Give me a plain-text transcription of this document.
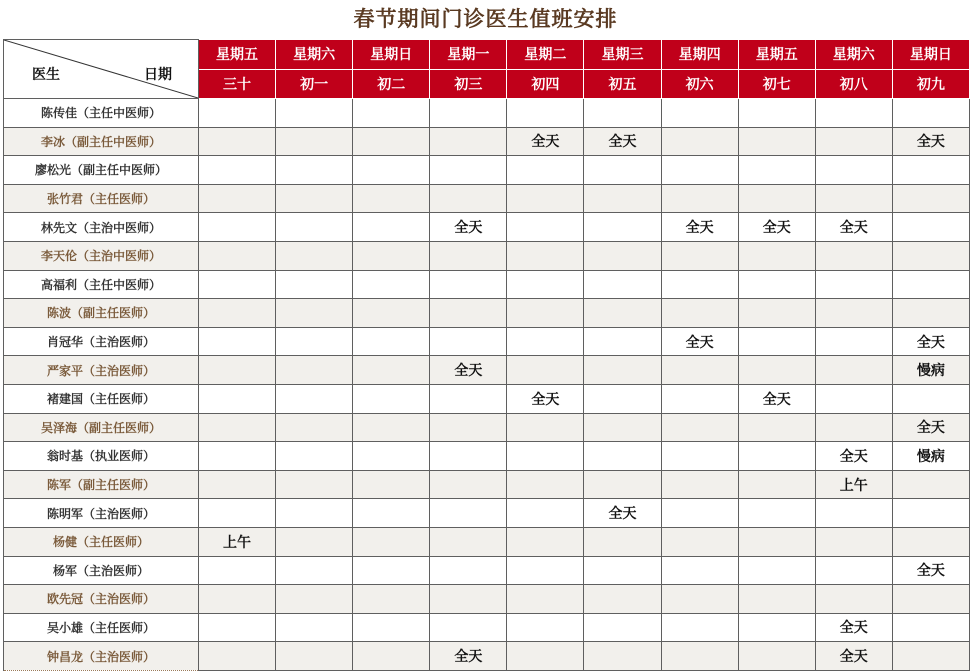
春节期间门诊医生值班安排
医生 日期	星期五	星期六	星期日	星期一	星期二	星期三	星期四	星期五	星期六	星期日
	三十	初一	初二	初三	初四	初五	初六	初七	初八	初九
陈传佳（主任中医师）										
李冰（副主任中医师）					全天	全天				全天
廖松光（副主任中医师）										
张竹君（主任医师）										
林先文（主治中医师）				全天			全天	全天	全天	
李天伦（主治中医师）										
高福利（主任中医师）										
陈波（副主任医师）										
肖冠华（主治医师）							全天			全天
严家平（主治医师）				全天						慢病
褚建国（主任医师）					全天			全天		
吴泽海（副主任医师）										全天
翁时基（执业医师）									全天	慢病
陈军（副主任医师）									上午	
陈明军（主治医师）						全天				
杨健（主任医师）	上午									
杨军（主治医师）										全天
欧先冠（主治医师）										
吴小雄（主任医师）									全天	
钟昌龙（主治医师）				全天					全天	
